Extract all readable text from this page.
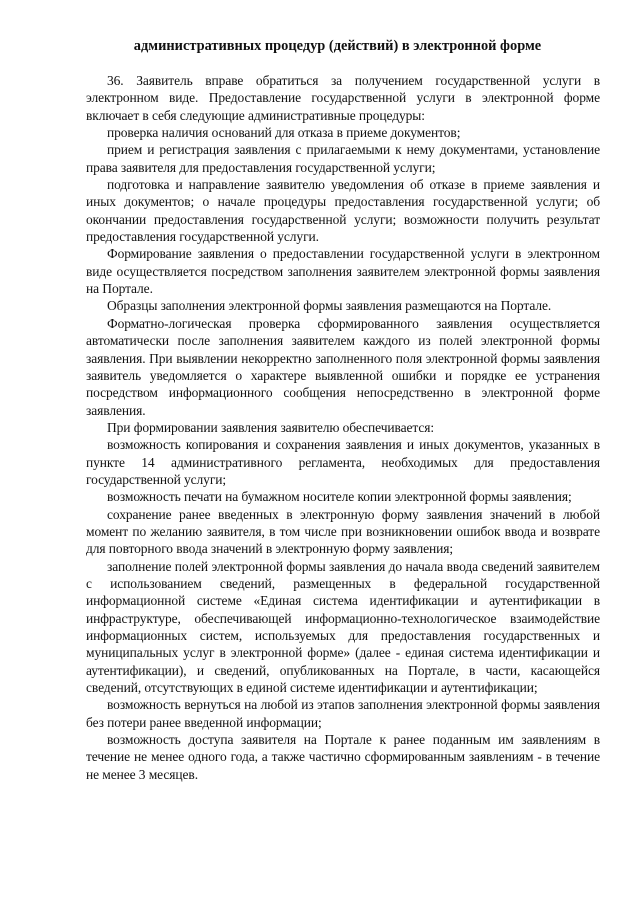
административных процедур (действий) в электронной форме

36. Заявитель вправе обратиться за получением государственной услуги в электронном виде. Предоставление государственной услуги в электронной форме включает в себя следующие административные процедуры:

проверка наличия оснований для отказа в приеме документов;

прием и регистрация заявления с прилагаемыми к нему документами, установление права заявителя для предоставления государственной услуги;

подготовка и направление заявителю уведомления об отказе в приеме заявления и иных документов; о начале процедуры предоставления государственной услуги; об окончании предоставления государственной услуги; возможности получить результат предоставления государственной услуги.

Формирование заявления о предоставлении государственной услуги в электронном виде осуществляется посредством заполнения заявителем электронной формы заявления на Портале.

Образцы заполнения электронной формы заявления размещаются на Портале.

Форматно-логическая проверка сформированного заявления осуществляется автоматически после заполнения заявителем каждого из полей электронной формы заявления. При выявлении некорректно заполненного поля электронной формы заявления заявитель уведомляется о характере выявленной ошибки и порядке ее устранения посредством информационного сообщения непосредственно в электронной форме заявления.

При формировании заявления заявителю обеспечивается:

возможность копирования и сохранения заявления и иных документов, указанных в пункте 14 административного регламента, необходимых для предоставления государственной услуги;

возможность печати на бумажном носителе копии электронной формы заявления;

сохранение ранее введенных в электронную форму заявления значений в любой момент по желанию заявителя, в том числе при возникновении ошибок ввода и возврате для повторного ввода значений в электронную форму заявления;

заполнение полей электронной формы заявления до начала ввода сведений заявителем с использованием сведений, размещенных в федеральной государственной информационной системе «Единая система идентификации и аутентификации в инфраструктуре, обеспечивающей информационно-технологическое взаимодействие информационных систем, используемых для предоставления государственных и муниципальных услуг в электронной форме» (далее - единая система идентификации и аутентификации), и сведений, опубликованных на Портале, в части, касающейся сведений, отсутствующих в единой системе идентификации и аутентификации;

возможность вернуться на любой из этапов заполнения электронной формы заявления без потери ранее введенной информации;

возможность доступа заявителя на Портале к ранее поданным им заявлениям в течение не менее одного года, а также частично сформированным заявлениям - в течение не менее 3 месяцев.
